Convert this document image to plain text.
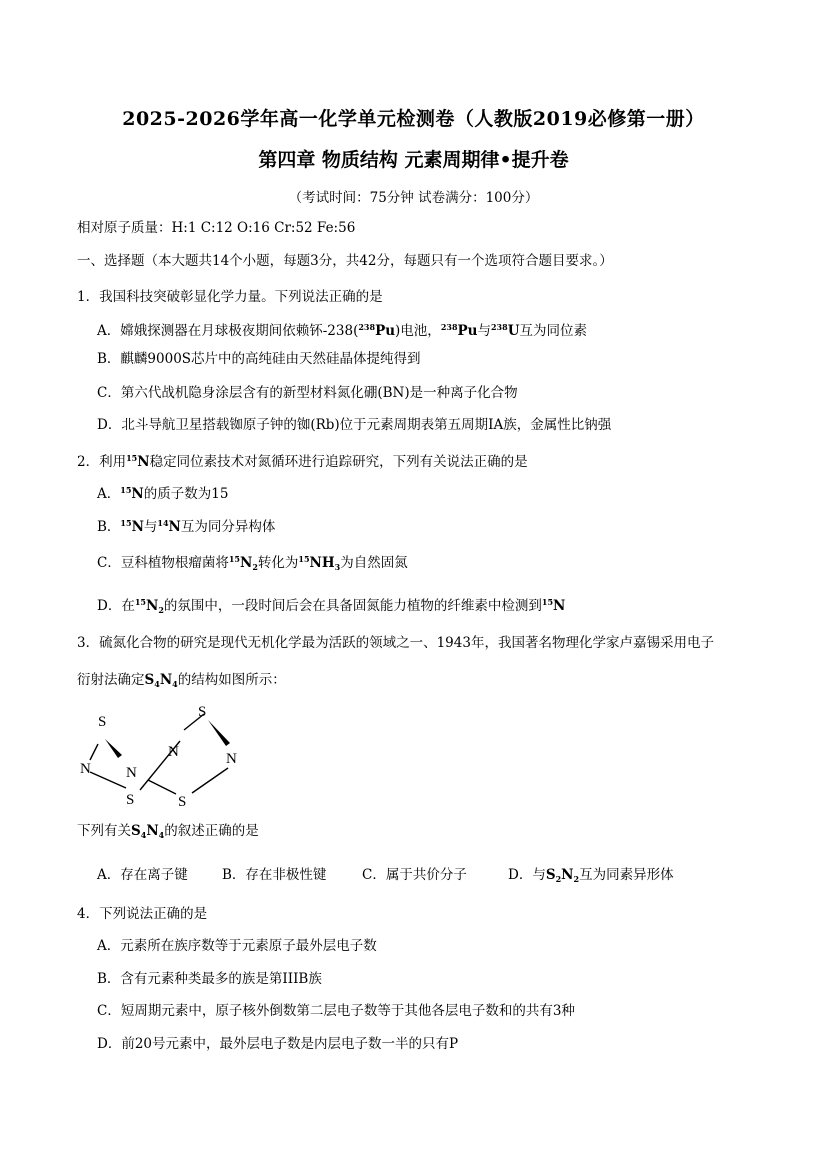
2025-2026学年高一化学单元检测卷（人教版2019必修第一册）
第四章 物质结构 元素周期律•提升卷
（考试时间：75分钟 试卷满分：100分）
相对原子质量：H:1 C:12 O:16 Cr:52 Fe:56
一、选择题（本大题共14个小题，每题3分，共42分，每题只有一个选项符合题目要求。）
1．我国科技突破彰显化学力量。下列说法正确的是
A．嫦娥探测器在月球极夜期间依赖钚-238($^{238}$Pu)电池，$^{238}$Pu与$^{238}$U互为同位素
B．麒麟9000S芯片中的高纯硅由天然硅晶体提纯得到
C．第六代战机隐身涂层含有的新型材料氮化硼(BN)是一种离子化合物
D．北斗导航卫星搭载铷原子钟的铷(Rb)位于元素周期表第五周期IA族，金属性比钠强
2．利用$^{15}$N稳定同位素技术对氮循环进行追踪研究，下列有关说法正确的是
A．$^{15}$N的质子数为15
B．$^{15}$N与$^{14}$N互为同分异构体
C．豆科植物根瘤菌将$^{15}N_2$转化为$^{15}NH_3$为自然固氮
D．在$^{15}N_2$的氛围中，一段时间后会在具备固氮能力植物的纤维素中检测到$^{15}$N
3．硫氮化合物的研究是现代无机化学最为活跃的领域之一、1943年，我国著名物理化学家卢嘉锡采用电子
衍射法确定$S_4N_4$的结构如图所示：
S
N N
S
N
S
N
S
下列有关$S_4N_4$的叙述正确的是
A．存在离子键	B．存在非极性键	C．属于共价分子	D．与$S_2N_2$互为同素异形体
4．下列说法正确的是
A．元素所在族序数等于元素原子最外层电子数
B．含有元素种类最多的族是第IIIB族
C．短周期元素中，原子核外倒数第二层电子数等于其他各层电子数和的共有3种
D．前20号元素中，最外层电子数是内层电子数一半的只有P
